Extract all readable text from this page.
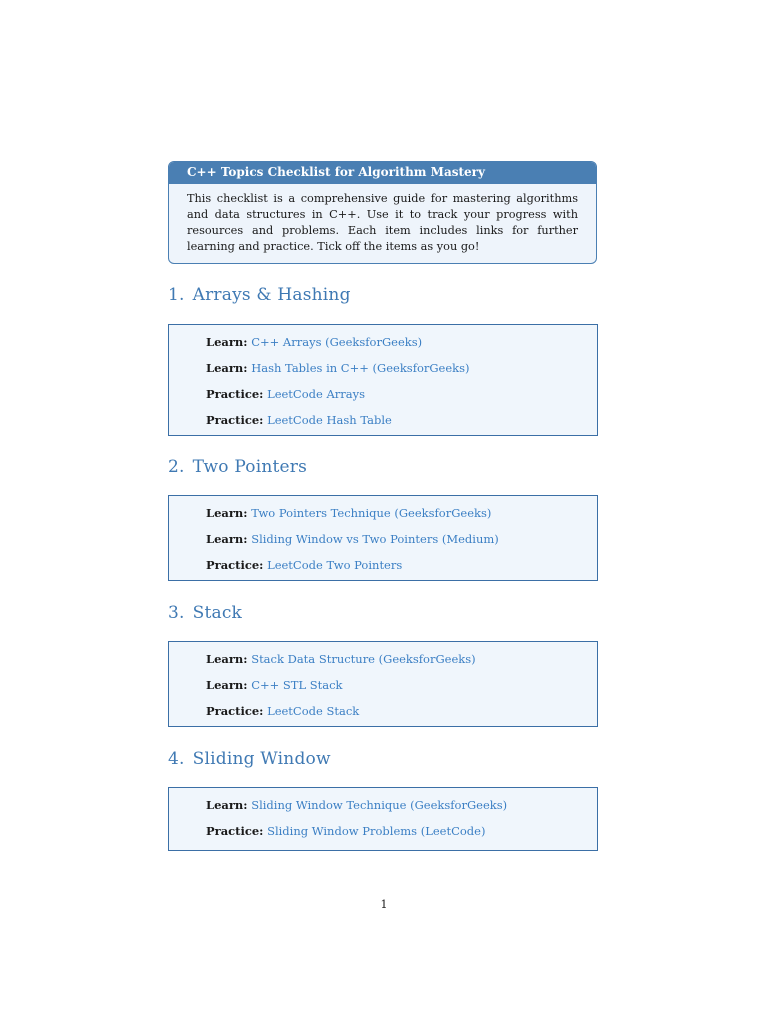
C++ Topics Checklist for Algorithm Mastery
This checklist is a comprehensive guide for mastering algorithms and data structures in C++. Use it to track your progress with resources and problems. Each item includes links for further learning and practice. Tick off the items as you go!
1. Arrays & Hashing
Learn: C++ Arrays (GeeksforGeeks)
Learn: Hash Tables in C++ (GeeksforGeeks)
Practice: LeetCode Arrays
Practice: LeetCode Hash Table
2. Two Pointers
Learn: Two Pointers Technique (GeeksforGeeks)
Learn: Sliding Window vs Two Pointers (Medium)
Practice: LeetCode Two Pointers
3. Stack
Learn: Stack Data Structure (GeeksforGeeks)
Learn: C++ STL Stack
Practice: LeetCode Stack
4. Sliding Window
Learn: Sliding Window Technique (GeeksforGeeks)
Practice: Sliding Window Problems (LeetCode)
1
